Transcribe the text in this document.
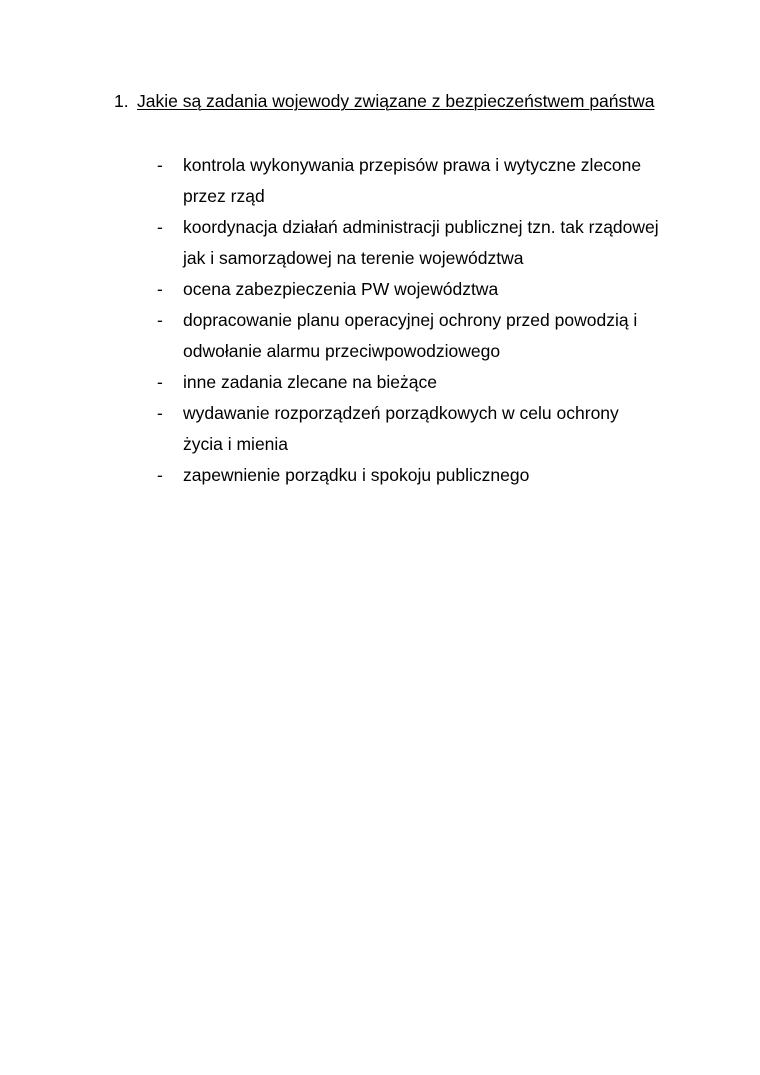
1. Jakie są zadania wojewody związane z bezpieczeństwem państwa
- kontrola wykonywania przepisów prawa i wytyczne zlecone
przez rząd
- koordynacja działań administracji publicznej tzn. tak rządowej
jak i samorządowej na terenie województwa
- ocena zabezpieczenia PW województwa
- dopracowanie planu operacyjnej ochrony przed powodzią i
odwołanie alarmu przeciwpowodziowego
- inne zadania zlecane na bieżące
- wydawanie rozporządzeń porządkowych w celu ochrony
życia i mienia
- zapewnienie porządku i spokoju publicznego
